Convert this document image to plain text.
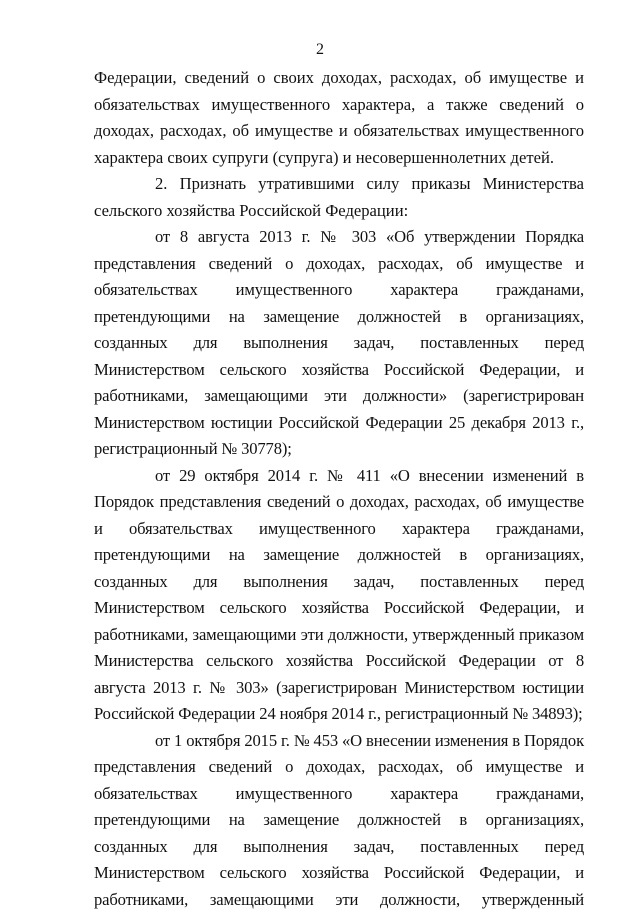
2

Федерации, сведений о своих доходах, расходах, об имуществе и обязательствах имущественного характера, а также сведений о доходах, расходах, об имуществе и обязательствах имущественного характера своих супруги (супруга) и несовершеннолетних детей.

2. Признать утратившими силу приказы Министерства сельского хозяйства Российской Федерации:

от 8 августа 2013 г. № 303 «Об утверждении Порядка представления сведений о доходах, расходах, об имуществе и обязательствах имущественного характера гражданами, претендующими на замещение должностей в организациях, созданных для выполнения задач, поставленных перед Министерством сельского хозяйства Российской Федерации, и работниками, замещающими эти должности» (зарегистрирован Министерством юстиции Российской Федерации 25 декабря 2013 г., регистрационный № 30778);

от 29 октября 2014 г. № 411 «О внесении изменений в Порядок представления сведений о доходах, расходах, об имуществе и обязательствах имущественного характера гражданами, претендующими на замещение должностей в организациях, созданных для выполнения задач, поставленных перед Министерством сельского хозяйства Российской Федерации, и работниками, замещающими эти должности, утвержденный приказом Министерства сельского хозяйства Российской Федерации от 8 августа 2013 г. № 303» (зарегистрирован Министерством юстиции Российской Федерации 24 ноября 2014 г., регистрационный № 34893);

от 1 октября 2015 г. № 453 «О внесении изменения в Порядок представления сведений о доходах, расходах, об имуществе и обязательствах имущественного характера гражданами, претендующими на замещение должностей в организациях, созданных для выполнения задач, поставленных перед Министерством сельского хозяйства Российской Федерации, и работниками, замещающими эти должности, утвержденный
